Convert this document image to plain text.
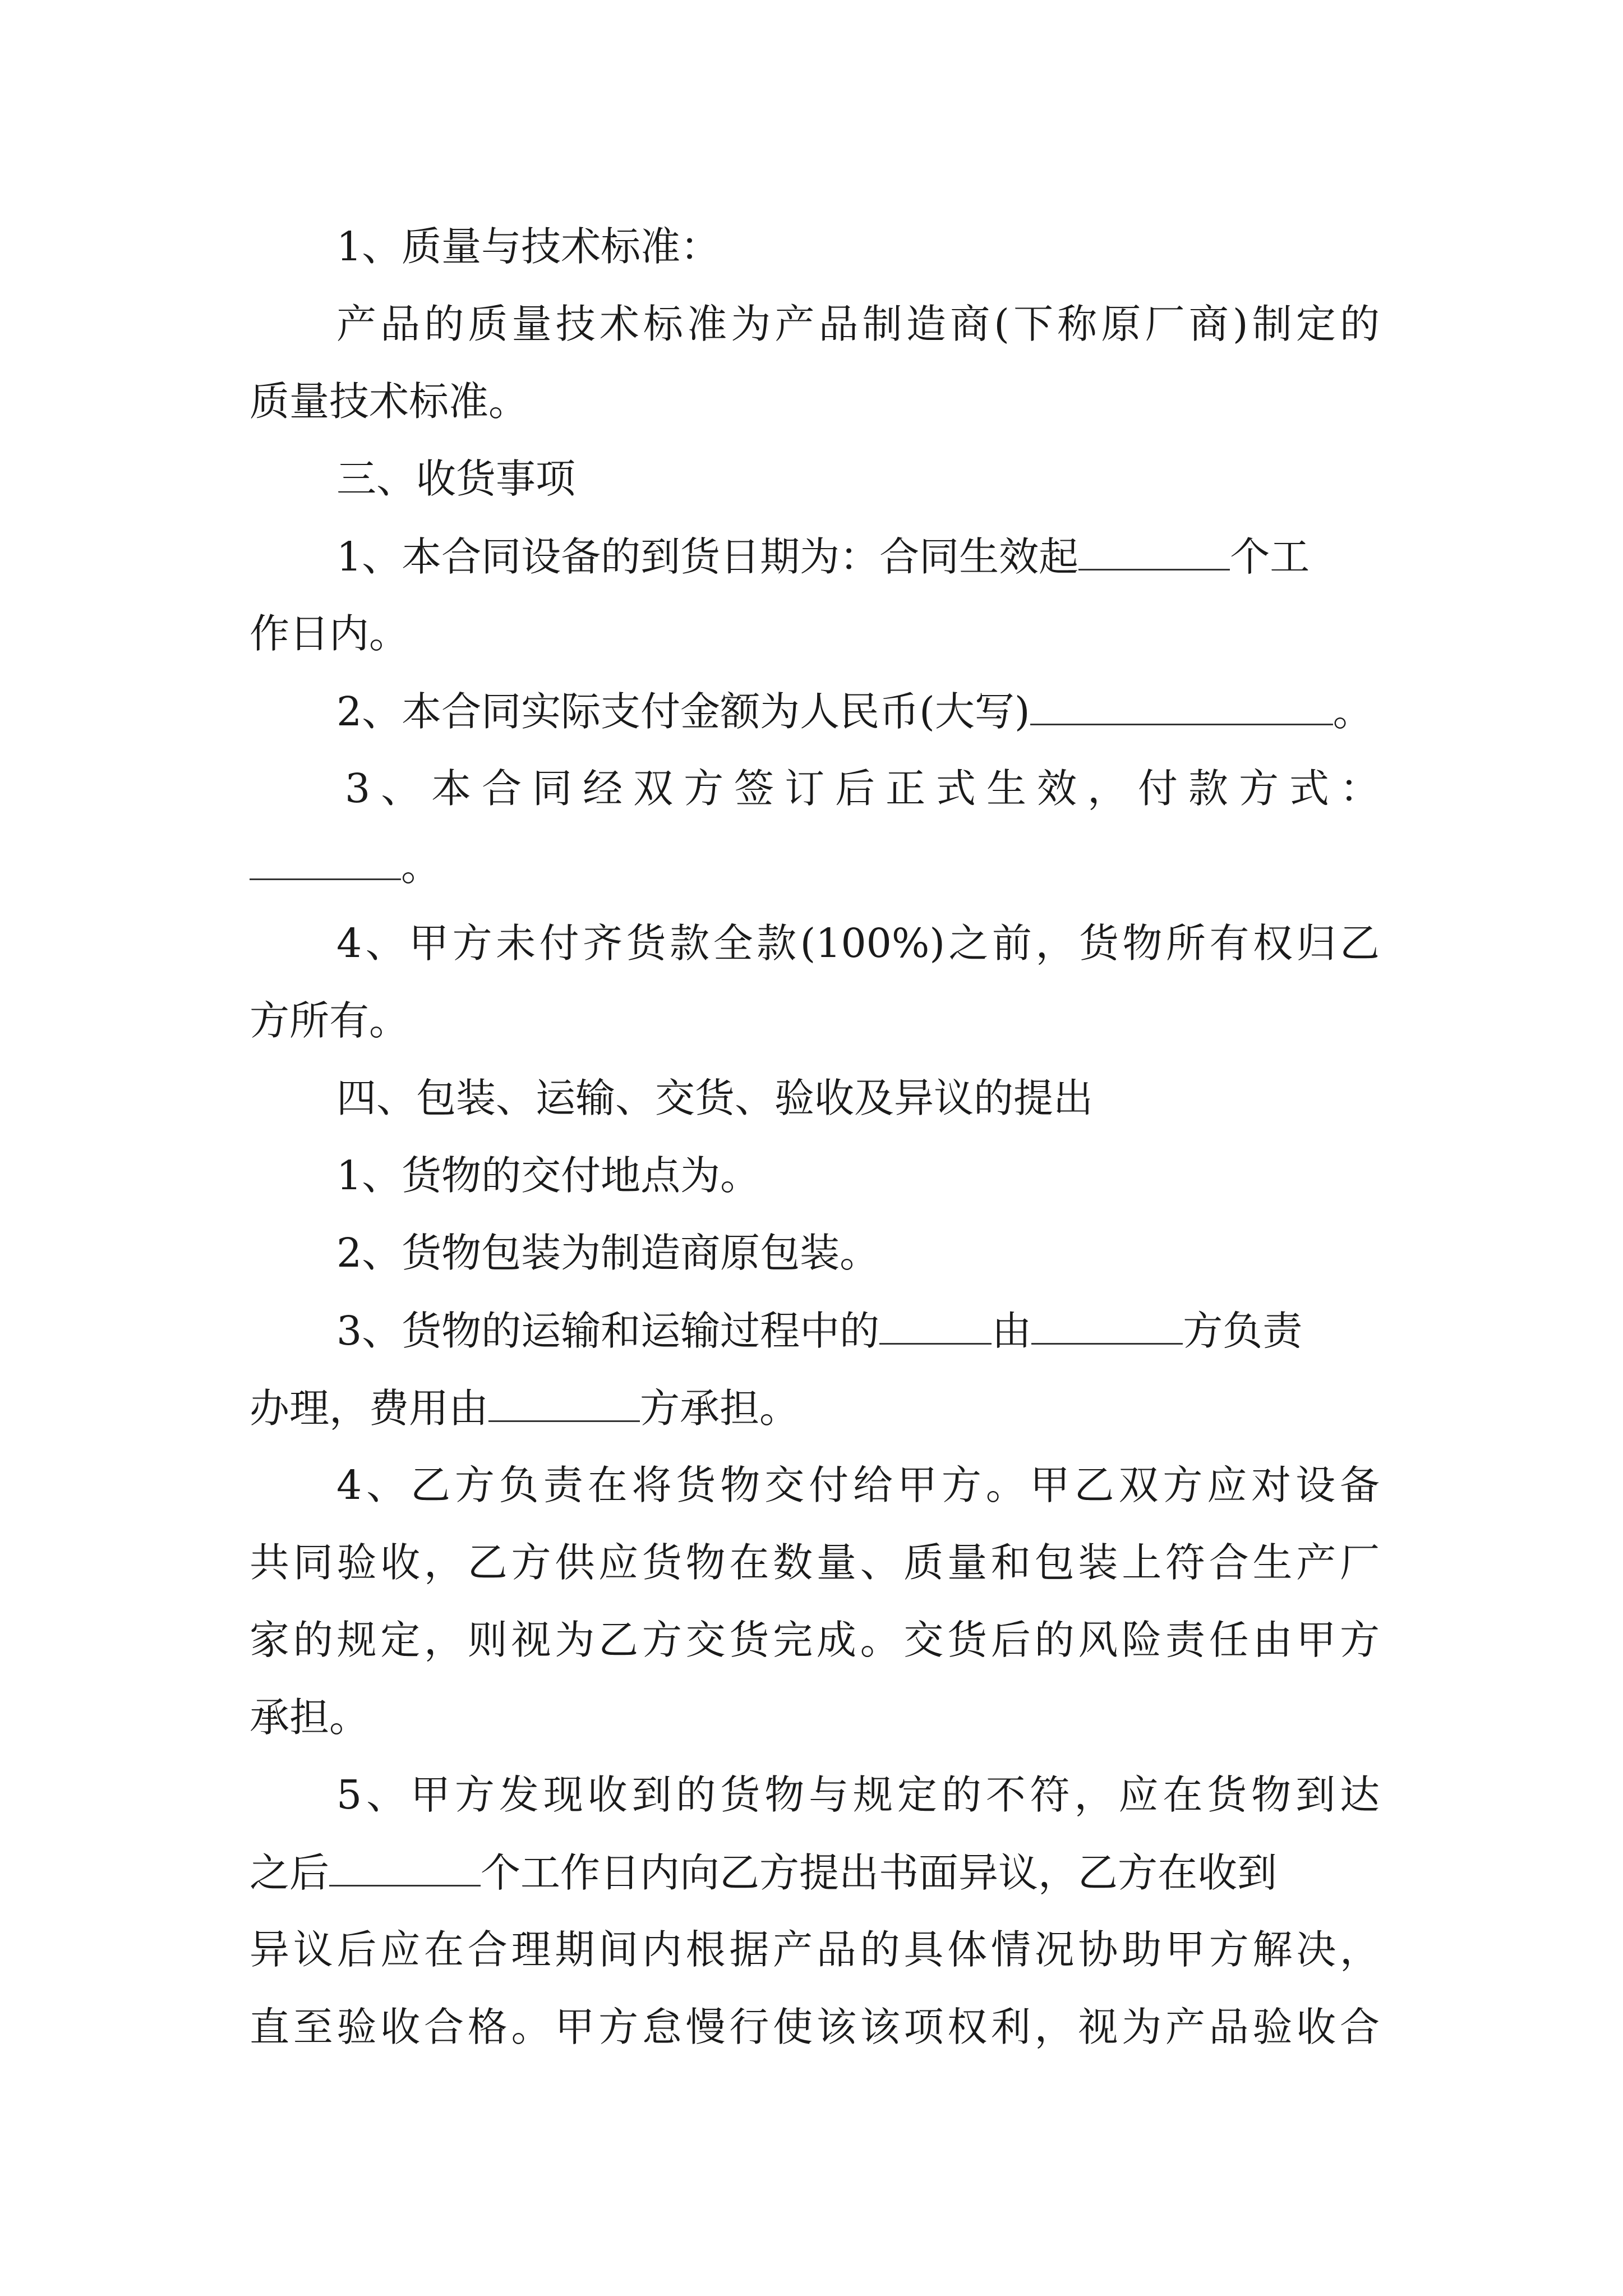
1、质量与技术标准：
产品的质量技术标准为产品制造商(下称原厂商)制定的
质量技术标准。
三、收货事项
1、本合同设备的到货日期为：合同生效起	个工
作日内。
2、本合同实际支付金额为人民币(大写)	。
3、本合同经双方签订后正式生效，付款方式：
。
4、甲方未付齐货款全款(100%)之前，货物所有权归乙
方所有。
四、包装、运输、交货、验收及异议的提出
1、货物的交付地点为。
2、货物包装为制造商原包装。
3、货物的运输和运输过程中的	由	方负责
办理，费用由	方承担。
4、乙方负责在将货物交付给甲方。甲乙双方应对设备
共同验收，乙方供应货物在数量、质量和包装上符合生产厂
家的规定，则视为乙方交货完成。交货后的风险责任由甲方
承担。
5、甲方发现收到的货物与规定的不符，应在货物到达
之后	个工作日内向乙方提出书面异议，乙方在收到
异议后应在合理期间内根据产品的具体情况协助甲方解决，
直至验收合格。甲方怠慢行使该该项权利，视为产品验收合
